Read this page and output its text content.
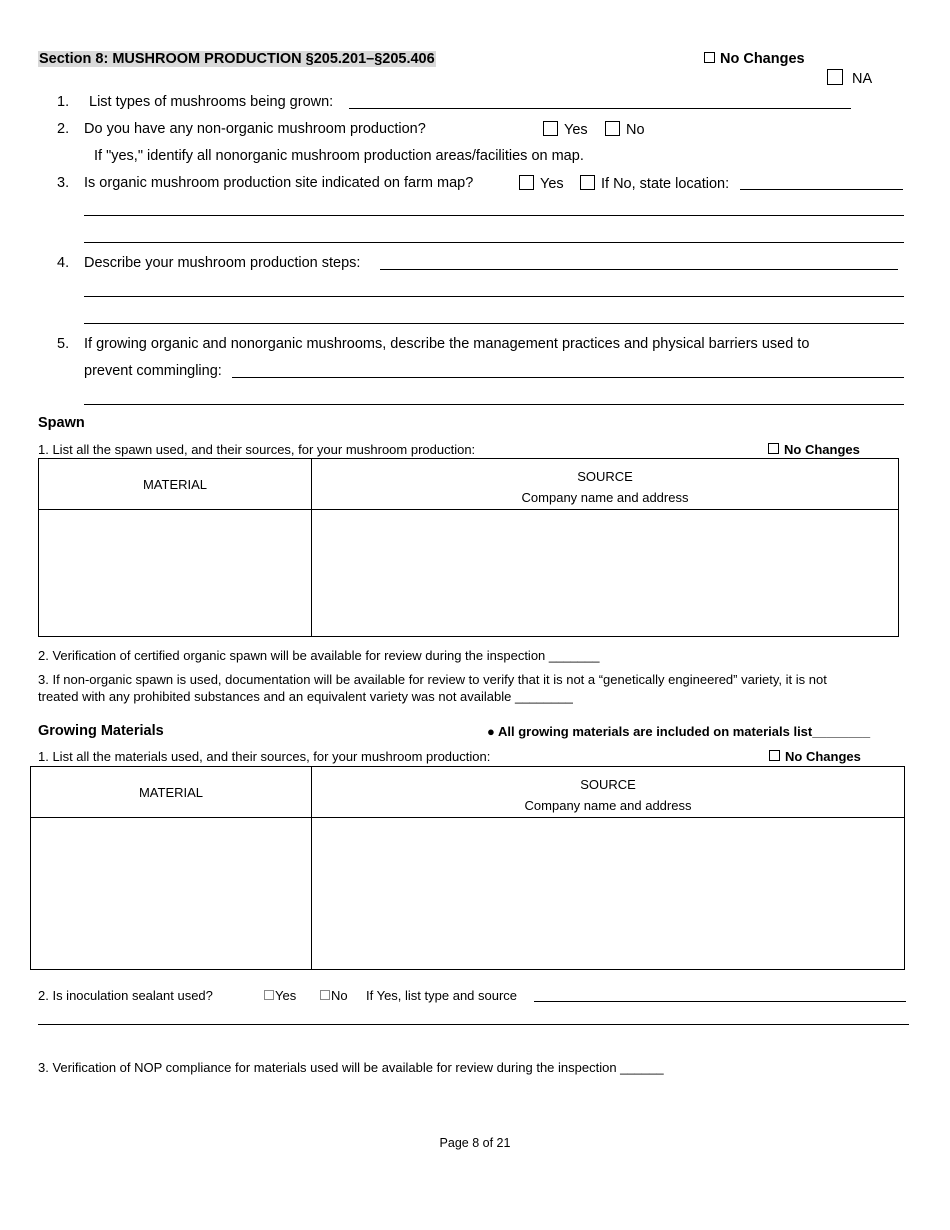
Section 8: MUSHROOM PRODUCTION §205.201–§205.406	No Changes
NA
1. List types of mushrooms being grown:
2. Do you have any non-organic mushroom production?	Yes	No
If "yes," identify all nonorganic mushroom production areas/facilities on map.
3. Is organic mushroom production site indicated on farm map?	Yes	If No, state location:
4. Describe your mushroom production steps:
5. If growing organic and nonorganic mushrooms, describe the management practices and physical barriers used to
prevent commingling:
Spawn
1. List all the spawn used, and their sources, for your mushroom production:	No Changes
MATERIAL	SOURCE
Company name and address

2. Verification of certified organic spawn will be available for review during the inspection _______
3. If non-organic spawn is used, documentation will be available for review to verify that it is not a “genetically engineered” variety, it is not
treated with any prohibited substances and an equivalent variety was not available ________
Growing Materials	● All growing materials are included on materials list________
1. List all the materials used, and their sources, for your mushroom production:	No Changes
MATERIAL	SOURCE
Company name and address

2. Is inoculation sealant used?	Yes	No If Yes, list type and source
3. Verification of NOP compliance for materials used will be available for review during the inspection ______
Page 8 of 21
